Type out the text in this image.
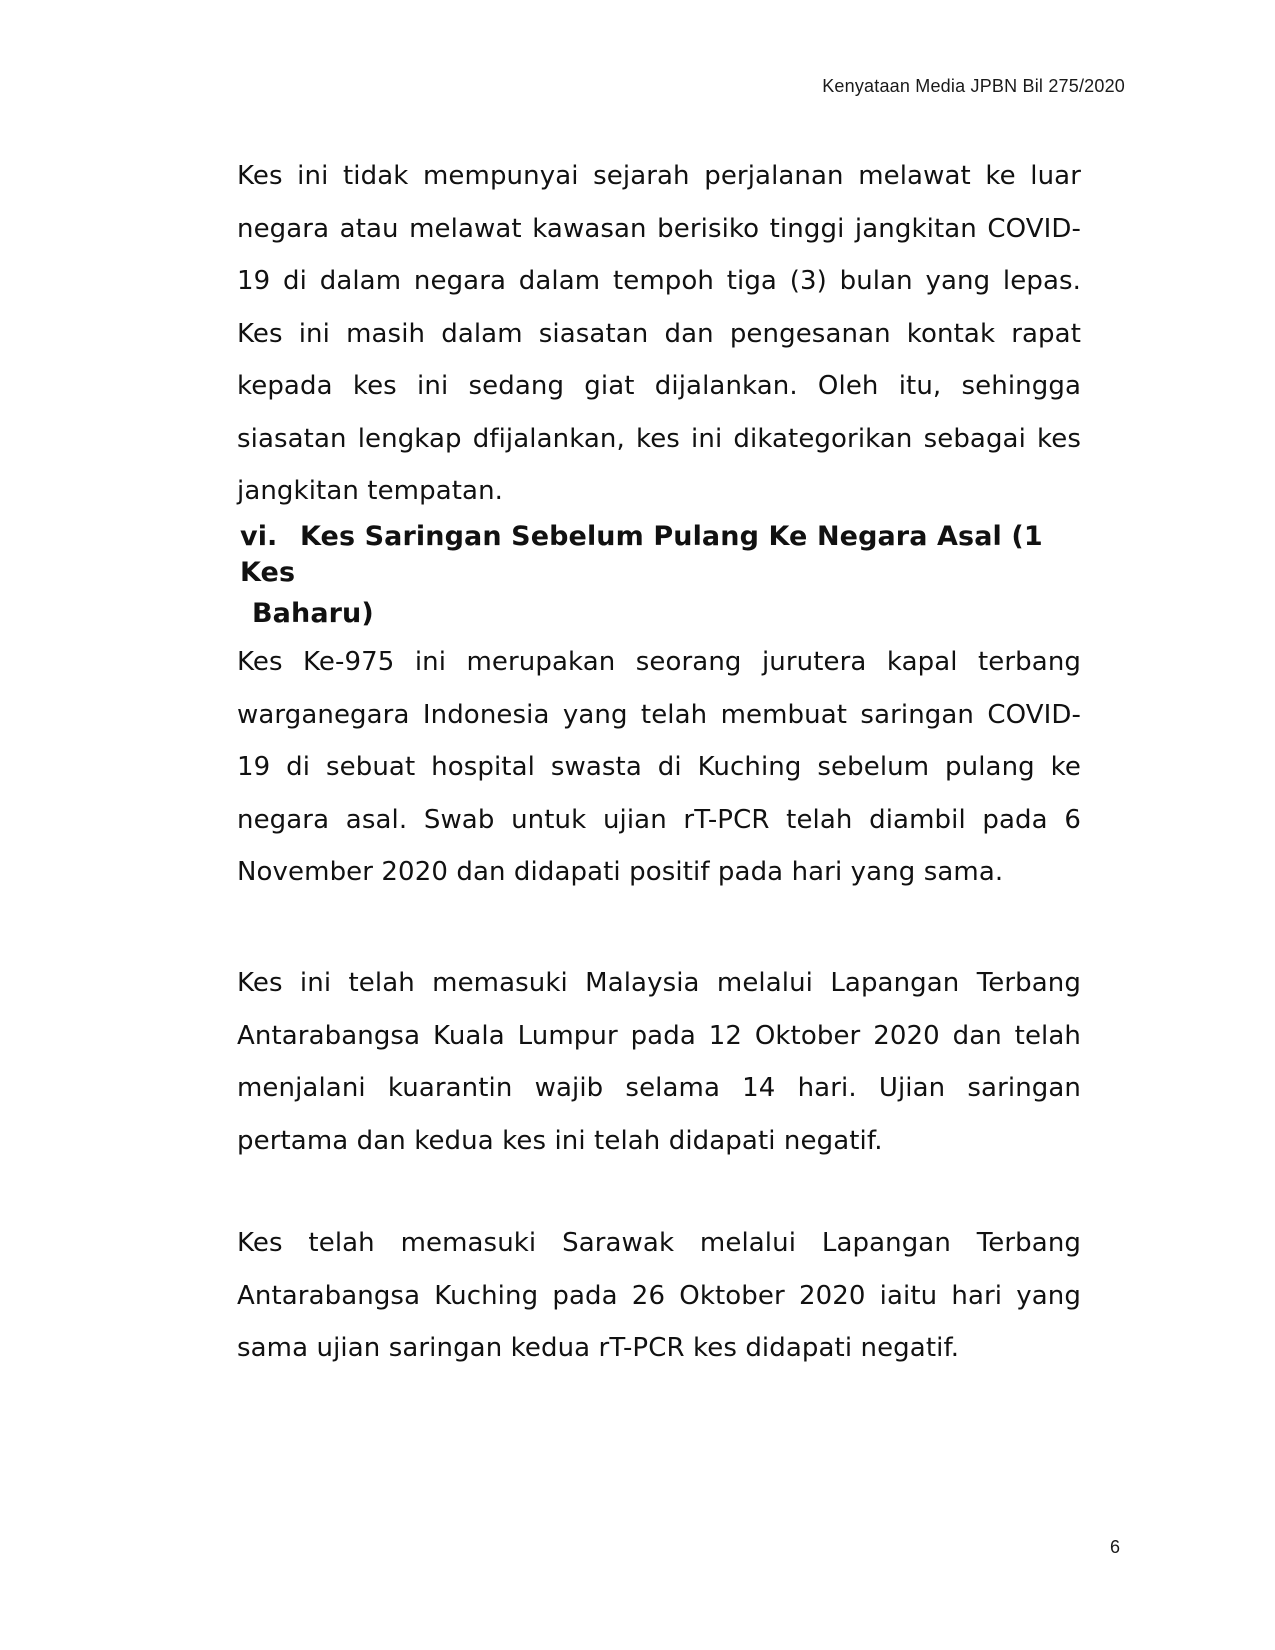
Kenyataan Media JPBN Bil 275/2020

Kes ini tidak mempunyai sejarah perjalanan melawat ke luar negara atau melawat kawasan berisiko tinggi jangkitan COVID-19 di dalam negara dalam tempoh tiga (3) bulan yang lepas. Kes ini masih dalam siasatan dan pengesanan kontak rapat kepada kes ini sedang giat dijalankan. Oleh itu, sehingga siasatan lengkap dfijalankan, kes ini dikategorikan sebagai kes jangkitan tempatan.

vi. Kes Saringan Sebelum Pulang Ke Negara Asal (1 Kes
Baharu)

Kes Ke-975 ini merupakan seorang jurutera kapal terbang warganegara Indonesia yang telah membuat saringan COVID-19 di sebuat hospital swasta di Kuching sebelum pulang ke negara asal. Swab untuk ujian rT-PCR telah diambil pada 6 November 2020 dan didapati positif pada hari yang sama.

Kes ini telah memasuki Malaysia melalui Lapangan Terbang Antarabangsa Kuala Lumpur pada 12 Oktober 2020 dan telah menjalani kuarantin wajib selama 14 hari. Ujian saringan pertama dan kedua kes ini telah didapati negatif.

Kes telah memasuki Sarawak melalui Lapangan Terbang Antarabangsa Kuching pada 26 Oktober 2020 iaitu hari yang sama ujian saringan kedua rT-PCR kes didapati negatif.

6
